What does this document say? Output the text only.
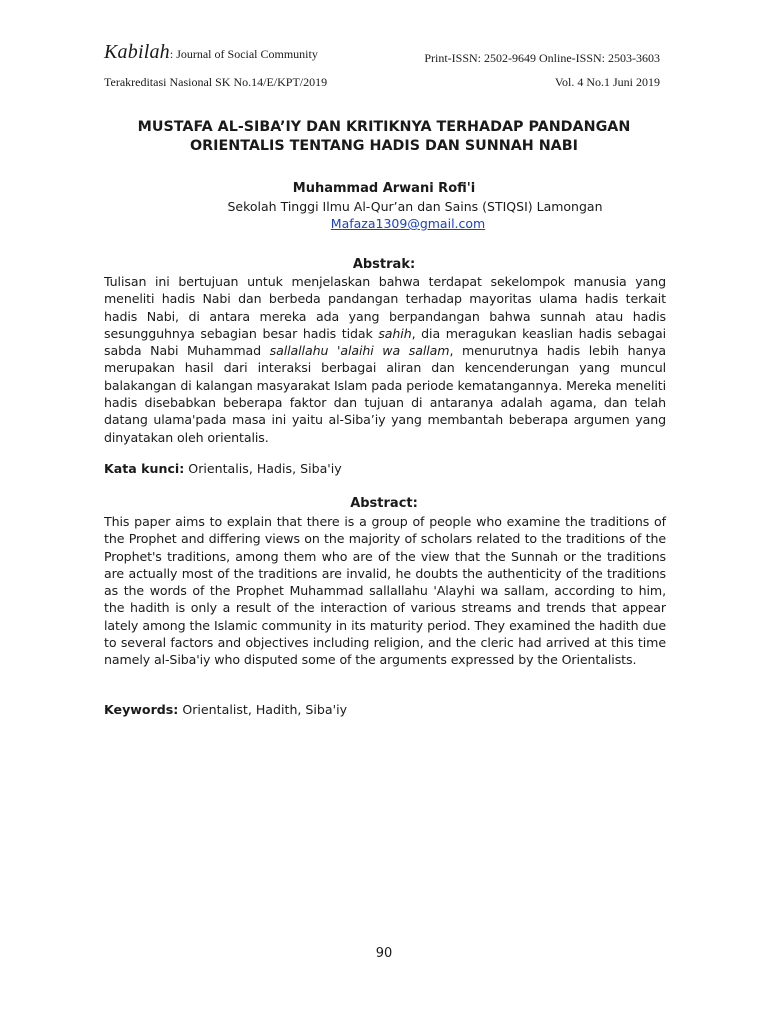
Kabilah: Journal of Social Community	Print-ISSN: 2502-9649 Online-ISSN: 2503-3603
Terakreditasi Nasional SK No.14/E/KPT/2019	Vol. 4 No.1 Juni 2019
MUSTAFA AL-SIBA’IY DAN KRITIKNYA TERHADAP PANDANGAN ORIENTALIS TENTANG HADIS DAN SUNNAH NABI
Muhammad Arwani Rofi'i
Sekolah Tinggi Ilmu Al-Qur’an dan Sains (STIQSI) Lamongan
Mafaza1309@gmail.com
Abstrak:
Tulisan ini bertujuan untuk menjelaskan bahwa terdapat sekelompok manusia yang meneliti hadis Nabi dan berbeda pandangan terhadap mayoritas ulama hadis terkait hadis Nabi, di antara mereka ada yang berpandangan bahwa sunnah atau hadis sesungguhnya sebagian besar hadis tidak sahih, dia meragukan keaslian hadis sebagai sabda Nabi Muhammad sallallahu 'alaihi wa sallam, menurutnya hadis lebih hanya merupakan hasil dari interaksi berbagai aliran dan kencenderungan yang muncul balakangan di kalangan masyarakat Islam pada periode kematangannya. Mereka meneliti hadis disebabkan beberapa faktor dan tujuan di antaranya adalah agama, dan telah datang ulama'pada masa ini yaitu al-Siba’iy yang membantah beberapa argumen yang dinyatakan oleh orientalis.
Kata kunci: Orientalis, Hadis, Siba'iy
Abstract:
This paper aims to explain that there is a group of people who examine the traditions of the Prophet and differing views on the majority of scholars related to the traditions of the Prophet's traditions, among them who are of the view that the Sunnah or the traditions are actually most of the traditions are invalid, he doubts the authenticity of the traditions as the words of the Prophet Muhammad sallallahu 'Alayhi wa sallam, according to him, the hadith is only a result of the interaction of various streams and trends that appear lately among the Islamic community in its maturity period. They examined the hadith due to several factors and objectives including religion, and the cleric had arrived at this time namely al-Siba'iy who disputed some of the arguments expressed by the Orientalists.
Keywords: Orientalist, Hadith, Siba'iy
90
